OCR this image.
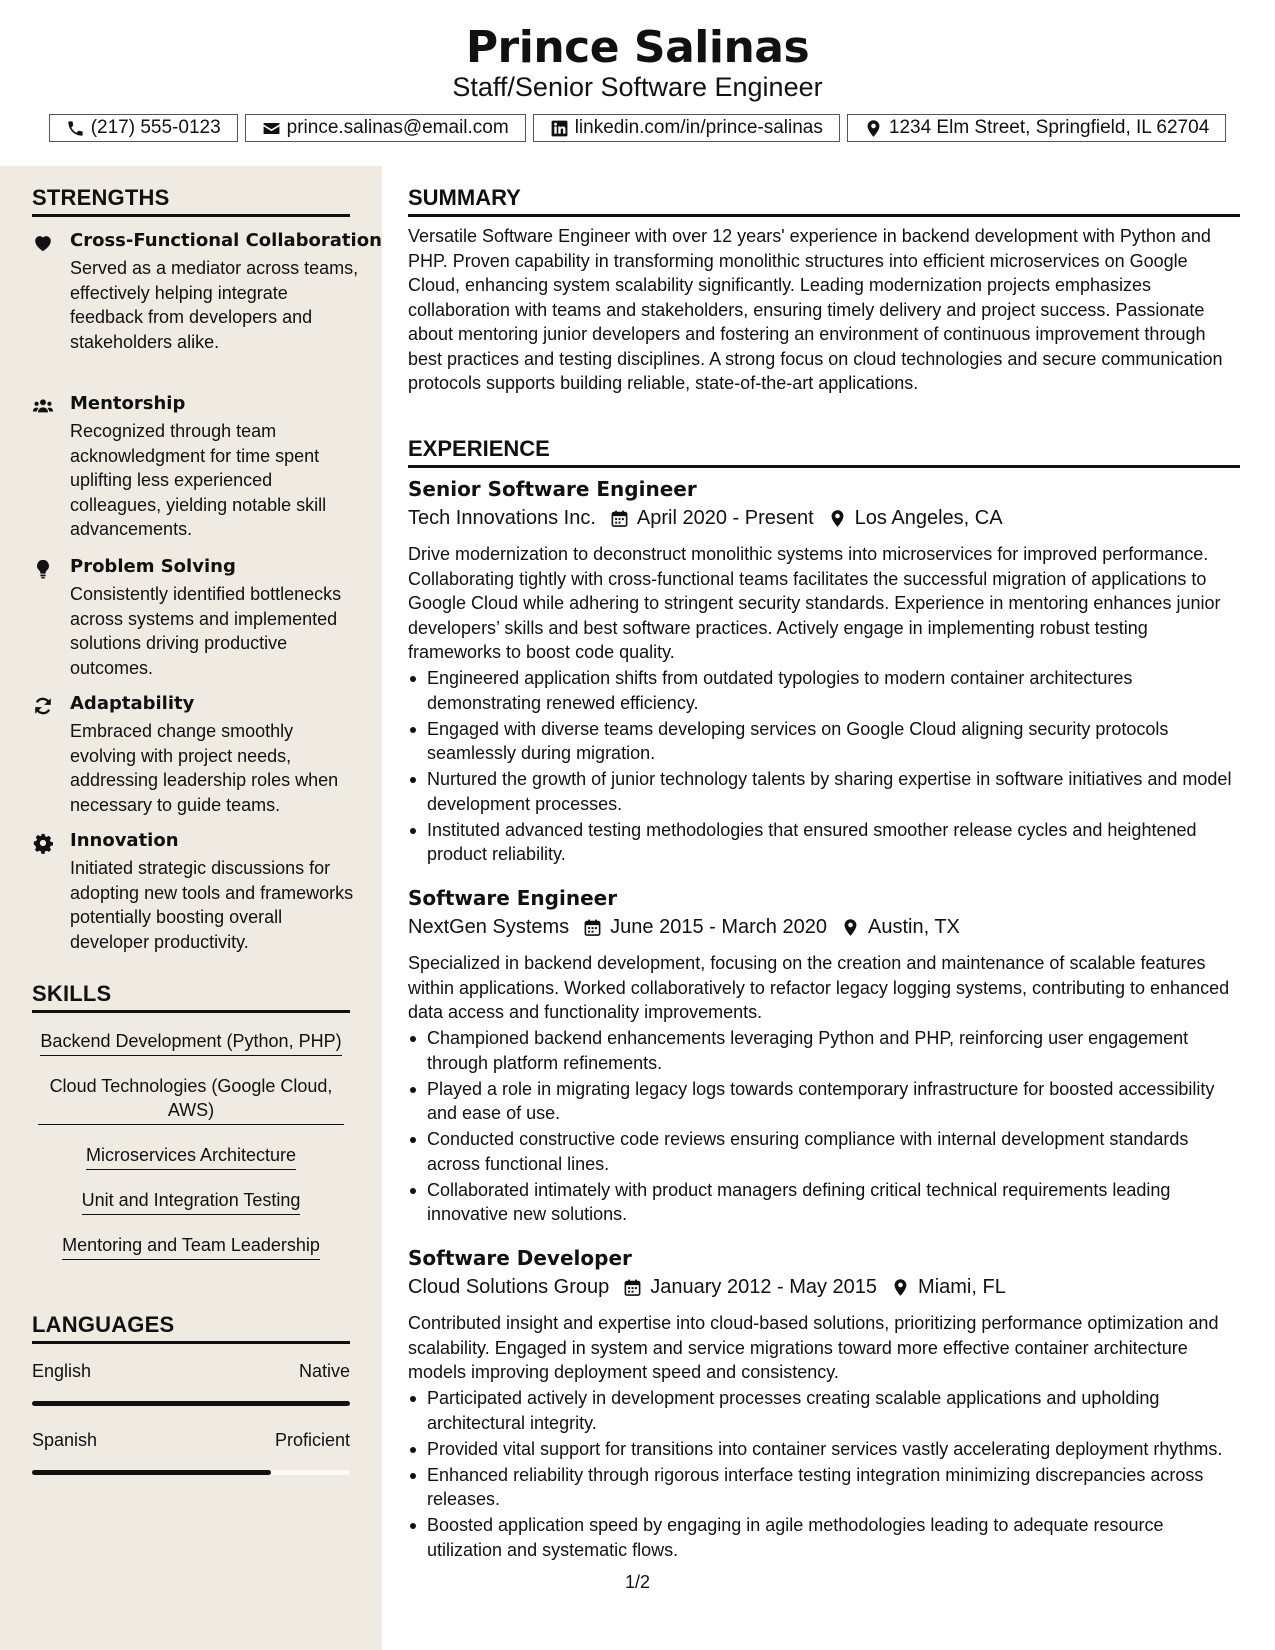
Prince Salinas
Staff/Senior Software Engineer
(217) 555-0123	prince.salinas@email.com	linkedin.com/in/prince-salinas	1234 Elm Street, Springfield, IL 62704
STRENGTHS
Cross-Functional Collaboration
Served as a mediator across teams, effectively helping integrate feedback from developers and stakeholders alike.
Mentorship
Recognized through team acknowledgment for time spent uplifting less experienced colleagues, yielding notable skill advancements.
Problem Solving
Consistently identified bottlenecks across systems and implemented solutions driving productive outcomes.
Adaptability
Embraced change smoothly evolving with project needs, addressing leadership roles when necessary to guide teams.
Innovation
Initiated strategic discussions for adopting new tools and frameworks potentially boosting overall developer productivity.
SKILLS
Backend Development (Python, PHP)
Cloud Technologies (Google Cloud, AWS)
Microservices Architecture
Unit and Integration Testing
Mentoring and Team Leadership
LANGUAGES
English	Native
Spanish	Proficient
SUMMARY
Versatile Software Engineer with over 12 years' experience in backend development with Python and PHP. Proven capability in transforming monolithic structures into efficient microservices on Google Cloud, enhancing system scalability significantly. Leading modernization projects emphasizes collaboration with teams and stakeholders, ensuring timely delivery and project success. Passionate about mentoring junior developers and fostering an environment of continuous improvement through best practices and testing disciplines. A strong focus on cloud technologies and secure communication protocols supports building reliable, state-of-the-art applications.
EXPERIENCE
Senior Software Engineer
Tech Innovations Inc. April 2020 - Present Los Angeles, CA
Drive modernization to deconstruct monolithic systems into microservices for improved performance. Collaborating tightly with cross-functional teams facilitates the successful migration of applications to Google Cloud while adhering to stringent security standards. Experience in mentoring enhances junior developers’ skills and best software practices. Actively engage in implementing robust testing frameworks to boost code quality.
Engineered application shifts from outdated typologies to modern container architectures demonstrating renewed efficiency.
Engaged with diverse teams developing services on Google Cloud aligning security protocols seamlessly during migration.
Nurtured the growth of junior technology talents by sharing expertise in software initiatives and model development processes.
Instituted advanced testing methodologies that ensured smoother release cycles and heightened product reliability.
Software Engineer
NextGen Systems June 2015 - March 2020 Austin, TX
Specialized in backend development, focusing on the creation and maintenance of scalable features within applications. Worked collaboratively to refactor legacy logging systems, contributing to enhanced data access and functionality improvements.
Championed backend enhancements leveraging Python and PHP, reinforcing user engagement through platform refinements.
Played a role in migrating legacy logs towards contemporary infrastructure for boosted accessibility and ease of use.
Conducted constructive code reviews ensuring compliance with internal development standards across functional lines.
Collaborated intimately with product managers defining critical technical requirements leading innovative new solutions.
Software Developer
Cloud Solutions Group January 2012 - May 2015 Miami, FL
Contributed insight and expertise into cloud-based solutions, prioritizing performance optimization and scalability. Engaged in system and service migrations toward more effective container architecture models improving deployment speed and consistency.
Participated actively in development processes creating scalable applications and upholding architectural integrity.
Provided vital support for transitions into container services vastly accelerating deployment rhythms.
Enhanced reliability through rigorous interface testing integration minimizing discrepancies across releases.
Boosted application speed by engaging in agile methodologies leading to adequate resource utilization and systematic flows.
1/2
